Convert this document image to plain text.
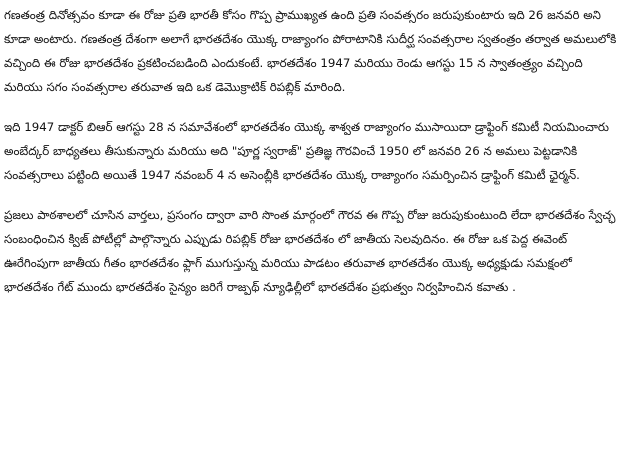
గణతంత్ర దినోత్సవం కూడా ఈ రోజు ప్రతి భారతీ కోసం గొప్ప ప్రాముఖ్యత ఉంది ప్రతి సంవత్సరం జరుపుకుంటారు ఇది 26 జనవరి అని కూడా అంటారు. గణతంత్ర దేశంగా అలాగే భారతదేశం యొక్క రాజ్యాంగం పోరాటానికి సుదీర్ఘ సంవత్సరాల స్వతంత్రం తర్వాత అమలులోకి వచ్చింది ఈ రోజు భారతదేశం ప్రకటించబడింది ఎందుకంటే. భారతదేశం 1947 మరియు రెండు ఆగస్టు 15 న స్వాతంత్ర్యం వచ్చింది మరియు సగం సంవత్సరాల తరువాత ఇది ఒక డెమొక్రాటిక్ రిపబ్లిక్ మారింది.

ఇది 1947 డాక్టర్ బిఆర్ ఆగస్టు 28 న సమావేశంలో భారతదేశం యొక్క శాశ్వత రాజ్యాంగం ముసాయిదా డ్రాఫ్టింగ్ కమిటీ నియమించారు అంబేద్కర్ బాధ్యతలు తీసుకున్నారు మరియు అది "పూర్ణ స్వరాజ్" ప్రతిజ్ఞ గౌరవించే 1950 లో జనవరి 26 న అమలు పెట్టడానికి సంవత్సరాలు పట్టింది అయితే 1947 నవంబర్ 4 న అసెంబ్లీకి భారతదేశం యొక్క రాజ్యాంగం సమర్పించిన డ్రాఫ్టింగ్ కమిటీ ఛైర్మన్.

ప్రజలు పాఠశాలలో చూసిన వార్తలు, ప్రసంగం ద్వారా వారి సొంత మార్గంలో గౌరవ ఈ గొప్ప రోజు జరుపుకుంటుంది లేదా భారతదేశం స్వేచ్ఛ సంబంధించిన క్విజ్ పోటీల్లో పాల్గొన్నారు ఎప్పుడు రిపబ్లిక్ రోజు భారతదేశం లో జాతీయ సెలవుదినం. ఈ రోజు ఒక పెద్ద ఈవెంట్ ఊరేగింపుగా జాతీయ గీతం భారతదేశం ఫ్లాగ్ ముగుస్తున్న మరియు పాడటం తరువాత భారతదేశం యొక్క అధ్యక్షుడు సమక్షంలో భారతదేశం గేట్ ముందు భారతదేశం సైన్యం జరిగే రాజ్పథ్ న్యూఢిల్లీలో భారతదేశం ప్రభుత్వం నిర్వహించిన కవాతు .
